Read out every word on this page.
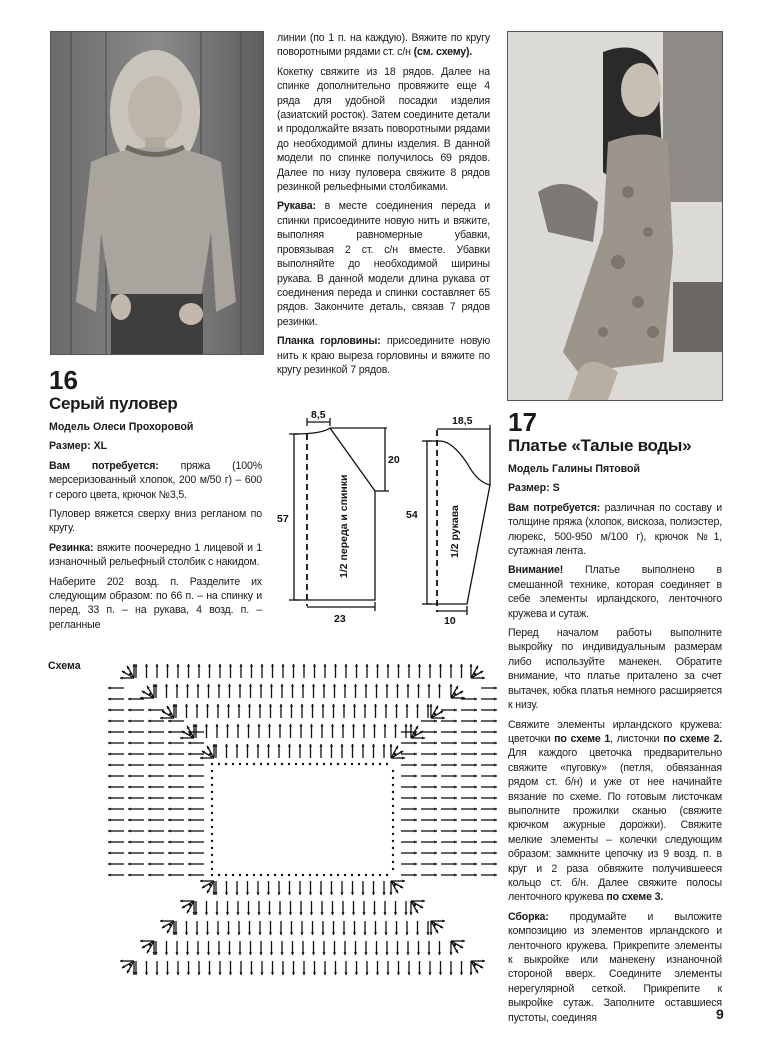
линии (по 1 п. на каждую). Вяжите по кругу поворотными рядами ст. с/н (см. схему).

Кокетку свяжите из 18 рядов. Далее на спинке дополнительно провяжите еще 4 ряда для удобной посадки изделия (азиатский росток). Затем соедините детали и продолжайте вязать поворотными рядами до необходимой длины изделия. В данной модели по спинке получилось 69 рядов. Далее по низу пуловера свяжите 8 рядов резинкой рельефными столбиками.

Рукава: в месте соединения переда и спинки присоедините новую нить и вяжите, выполняя равномерные убавки, провязывая 2 ст. с/н вместе. Убавки выполняйте до необходимой ширины рукава. В данной модели длина рукава от соединения переда и спинки составляет 65 рядов. Закончите деталь, связав 7 рядов резинки.

Планка горловины: присоедините новую нить к краю выреза горловины и вяжите по кругу резинкой 7 рядов.

16
Серый пуловер
Модель Олеси Прохоровой
Размер: XL

Вам потребуется: пряжа (100% мерсеризованный хлопок, 200 м/50 г) – 600 г серого цвета, крючок №3,5.

Пуловер вяжется сверху вниз регланом по кругу.

Резинка: вяжите поочередно 1 лицевой и 1 изнаночный рельефный столбик с накидом.

Наберите 202 возд. п. Разделите их следующим образом: по 66 п. – на спинку и перед, 33 п. – на рукава, 4 возд. п. – регланные

8,5
20
57
23
18,5
54
10
1/2 переда и спинки	1/2 рукава
Схема
17
Платье «Талые воды»
Модель Галины Пятовой
Размер: S

Вам потребуется: различная по составу и толщине пряжа (хлопок, вискоза, полиэстер, люрекс, 500-950 м/100 г), крючок №1, сутажная лента.

Внимание! Платье выполнено в смешанной технике, которая соединяет в себе элементы ирландского, ленточного кружева и сутаж.

Перед началом работы выполните выкройку по индивидуальным размерам либо используйте манекен. Обратите внимание, что платье приталено за счет вытачек, юбка платья немного расширяется к низу.

Свяжите элементы ирландского кружева: цветочки по схеме 1, листочки по схеме 2. Для каждого цветочка предварительно свяжите «пуговку» (петля, обвязанная рядом ст. б/н) и уже от нее начинайте вязание по схеме. По готовым листочкам выполните прожилки сканью (свяжите крючком ажурные дорожки). Свяжите мелкие элементы – колечки следующим образом: замкните цепочку из 9 возд. п. в круг и 2 раза обвяжите получившееся кольцо ст. б/н. Далее свяжите полосы ленточного кружева по схеме 3.

Сборка: продумайте и выложите композицию из элементов ирландского и ленточного кружева. Прикрепите элементы к выкройке или манекену изнаночной стороной вверх. Соедините элементы нерегулярной сеткой. Прикрепите к выкройке сутаж. Заполните оставшиеся пустоты, соединяя	9
